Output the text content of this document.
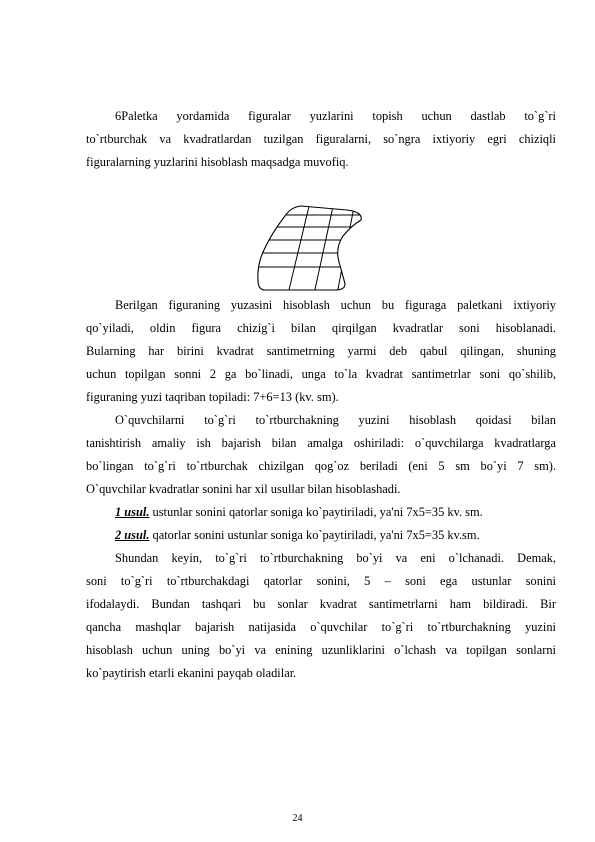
6Paletka yordamida figuralar yuzlarini topish uchun dastlab to`g`ri

to`rtburchak va kvadratlardan tuzilgan figuralarni, so`ngra ixtiyoriy egri chiziqli

figuralarning yuzlarini hisoblash maqsadga muvofiq.

Berilgan figuraning yuzasini hisoblash uchun bu figuraga paletkani ixtiyoriy

qo`yiladi, oldin figura chizig`i bilan qirqilgan kvadratlar soni hisoblanadi.

Bularning har birini kvadrat santimetrning yarmi deb qabul qilingan, shuning

uchun topilgan sonni 2 ga bo`linadi, unga to`la kvadrat santimetrlar soni qo`shilib,

figuraning yuzi taqriban topiladi: 7+6=13 (kv. sm).

O`quvchilarni to`g`ri to`rtburchakning yuzini hisoblash qoidasi bilan

tanishtirish amaliy ish bajarish bilan amalga oshiriladi: o`quvchilarga kvadratlarga

bo`lingan to`g`ri to`rtburchak chizilgan qog`oz beriladi (eni 5 sm bo`yi 7 sm).

O`quvchilar kvadratlar sonini har xil usullar bilan hisoblashadi.

1 usul. ustunlar sonini qatorlar soniga ko`paytiriladi, ya'ni 7x5=35 kv. sm.

2 usul. qatorlar sonini ustunlar soniga ko`paytiriladi, ya'ni 7x5=35 kv.sm.

Shundan keyin, to`g`ri to`rtburchakning bo`yi va eni o`lchanadi. Demak,

soni to`g`ri to`rtburchakdagi qatorlar sonini, 5 – soni ega ustunlar sonini

ifodalaydi. Bundan tashqari bu sonlar kvadrat santimetrlarni ham bildiradi. Bir

qancha mashqlar bajarish natijasida o`quvchilar to`g`ri to`rtburchakning yuzini

hisoblash uchun uning bo`yi va enining uzunliklarini o`lchash va topilgan sonlarni

ko`paytirish etarli ekanini payqab oladilar.

24
